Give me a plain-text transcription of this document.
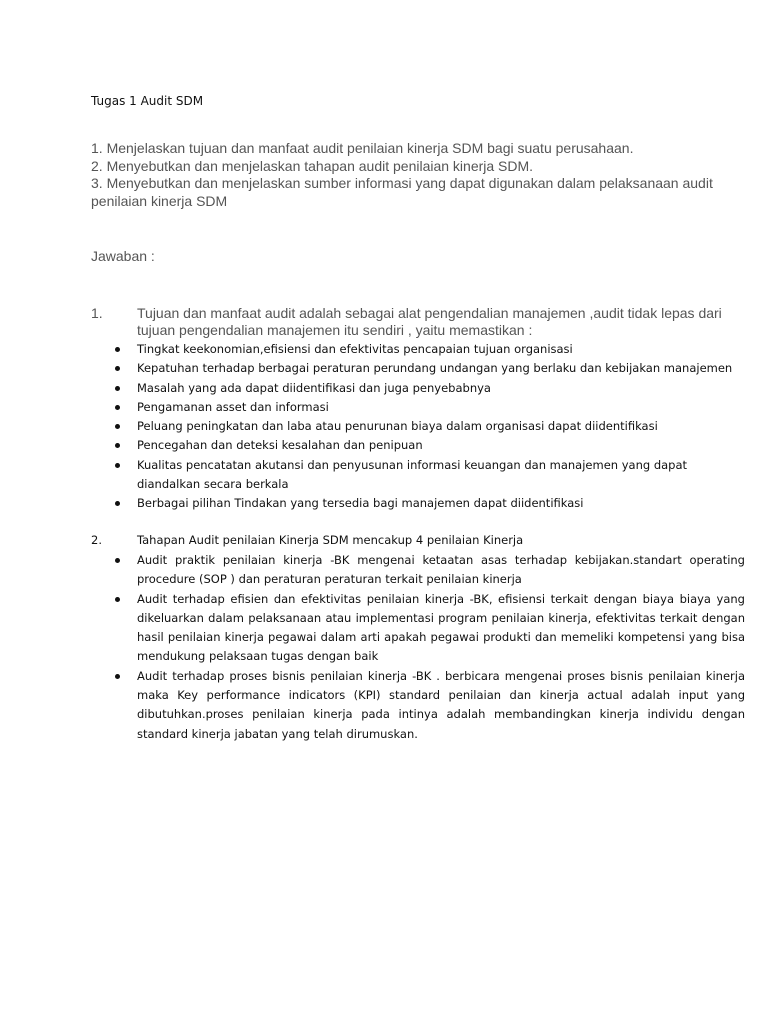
Tugas 1 Audit SDM
1. Menjelaskan tujuan dan manfaat audit penilaian kinerja SDM bagi suatu perusahaan.
2. Menyebutkan dan menjelaskan tahapan audit penilaian kinerja SDM.
3. Menyebutkan dan menjelaskan sumber informasi yang dapat digunakan dalam pelaksanaan audit penilaian kinerja SDM
Jawaban :
1. Tujuan dan manfaat audit adalah sebagai alat pengendalian manajemen ,audit tidak lepas dari tujuan pengendalian manajemen itu sendiri , yaitu memastikan :
Tingkat keekonomian,efisiensi dan efektivitas pencapaian tujuan organisasi
Kepatuhan terhadap berbagai peraturan perundang undangan yang berlaku dan kebijakan manajemen
Masalah yang ada dapat diidentifikasi dan juga penyebabnya
Pengamanan asset dan informasi
Peluang peningkatan dan laba atau penurunan biaya dalam organisasi dapat diidentifikasi
Pencegahan dan deteksi kesalahan dan penipuan
Kualitas pencatatan akutansi dan penyusunan informasi keuangan dan manajemen yang dapat diandalkan secara berkala
Berbagai pilihan Tindakan yang tersedia bagi manajemen dapat diidentifikasi
2.	Tahapan Audit penilaian Kinerja SDM mencakup 4 penilaian Kinerja
Audit praktik penilaian kinerja -BK mengenai ketaatan asas terhadap kebijakan.standart operating procedure (SOP ) dan peraturan peraturan terkait penilaian kinerja
Audit terhadap efisien dan efektivitas penilaian kinerja -BK, efisiensi terkait dengan biaya biaya yang dikeluarkan dalam pelaksanaan atau implementasi program penilaian kinerja, efektivitas terkait dengan hasil penilaian kinerja pegawai dalam arti apakah pegawai produkti dan memeliki kompetensi yang bisa mendukung pelaksaan tugas dengan baik
Audit terhadap proses bisnis penilaian kinerja -BK . berbicara mengenai proses bisnis penilaian kinerja maka Key performance indicators (KPI) standard penilaian dan kinerja actual adalah input yang dibutuhkan.proses penilaian kinerja pada intinya adalah membandingkan kinerja individu dengan standard kinerja jabatan yang telah dirumuskan.
